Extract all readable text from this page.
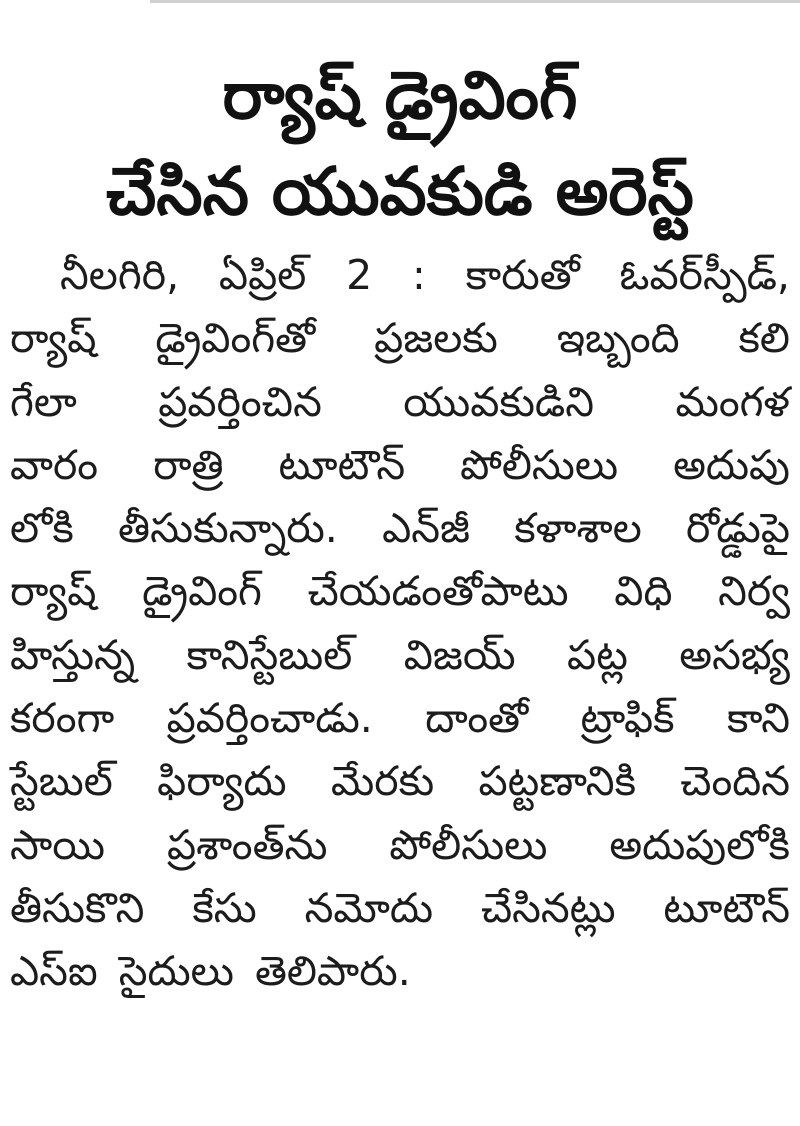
ర్యాష్‌ డ్రైవింగ్‌
చేసిన యువకుడి అరెస్ట్‌
నీలగిరి, ఏప్రిల్‌ 2 : కారుతో ఓవర్‌స్పీడ్‌,
ర్యాష్‌ డ్రైవింగ్‌తో ప్రజలకు ఇబ్బంది కలి
గేలా ప్రవర్తించిన యువకుడిని మంగళ
వారం రాత్రి టూటౌన్‌ పోలీసులు అదుపు
లోకి తీసుకున్నారు. ఎన్‌జీ కళాశాల రోడ్డుపై
ర్యాష్‌ డ్రైవింగ్‌ చేయడంతోపాటు విధి నిర్వ
హిస్తున్న కానిస్టేబుల్‌ విజయ్‌ పట్ల అసభ్య
కరంగా ప్రవర్తించాడు. దాంతో ట్రాఫిక్‌ కాని
స్టేబుల్‌ ఫిర్యాదు మేరకు పట్టణానికి చెందిన
సాయి ప్రశాంత్‌ను పోలీసులు అదుపులోకి
తీసుకొని కేసు నమోదు చేసినట్లు టూటౌన్‌
ఎస్‌ఐ సైదులు తెలిపారు.
